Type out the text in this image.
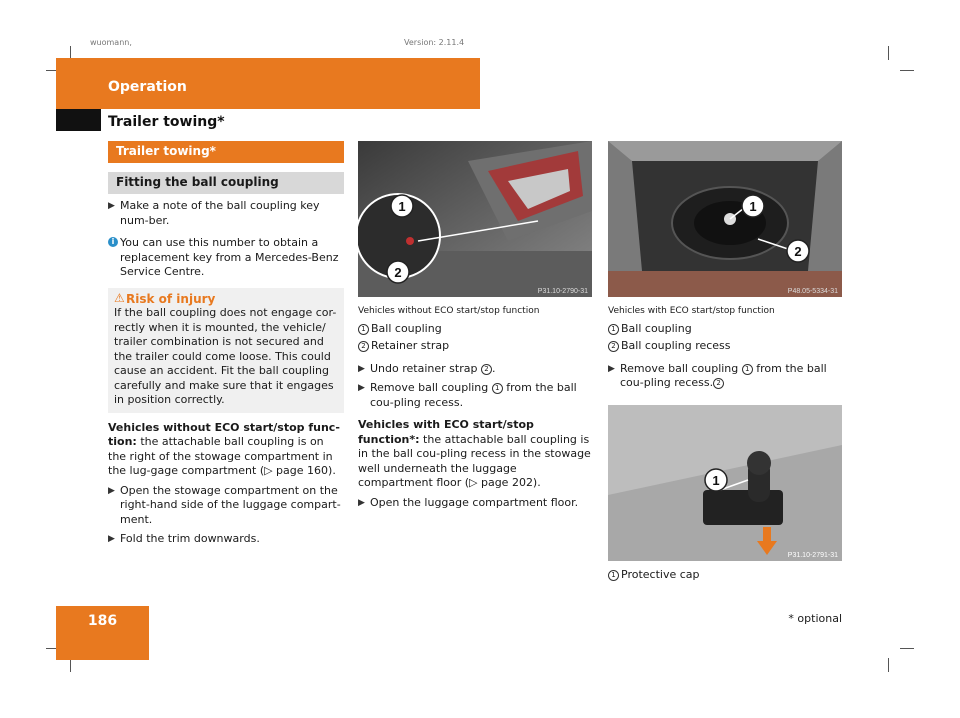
wuomann,	Version: 2.11.4
Operation
Trailer towing*
Trailer towing*
Fitting the ball coupling
▶ Make a note of the ball coupling key num-ber.
i You can use this number to obtain a replacement key from a Mercedes-Benz Service Centre.
⚠ Risk of injury
If the ball coupling does not engage cor-rectly when it is mounted, the vehicle/ trailer combination is not secured and the trailer could come loose. This could cause an accident. Fit the ball coupling carefully and make sure that it engages in position correctly.
Vehicles without ECO start/stop func-tion: the attachable ball coupling is on the right of the stowage compartment in the lug-gage compartment (▷ page 160).
▶ Open the stowage compartment on the right-hand side of the luggage compart-ment.
▶ Fold the trim downwards.
1
2
P31.10-2790-31
Vehicles without ECO start/stop function
1 Ball coupling
2 Retainer strap
▶ Undo retainer strap 2 .
▶ Remove ball coupling 1 from the ball cou-pling recess.
Vehicles with ECO start/stop function*: the attachable ball coupling is in the ball cou-pling recess in the stowage well underneath the luggage compartment floor (▷ page 202).
▶ Open the luggage compartment floor.
1
2
P48.05-5334-31
Vehicles with ECO start/stop function
1 Ball coupling
2 Ball coupling recess
▶ Remove ball coupling 1 from the ball cou-pling recess. 2
1
P31.10-2791-31
1 Protective cap
186	* optional
